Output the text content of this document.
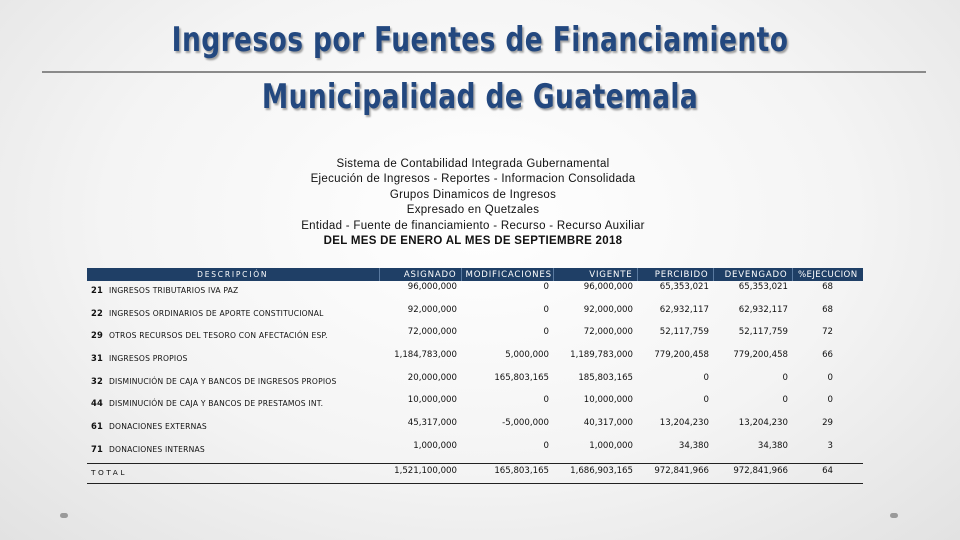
Ingresos por Fuentes de Financiamiento
Municipalidad de Guatemala
Sistema de Contabilidad Integrada Gubernamental
Ejecución de Ingresos - Reportes - Informacion Consolidada
Grupos Dinamicos de Ingresos
Expresado en Quetzales
Entidad - Fuente de financiamiento - Recurso - Recurso Auxiliar
DEL MES DE ENERO AL MES DE SEPTIEMBRE 2018
DESCRIPCIÓN	ASIGNADO	MODIFICACIONES	VIGENTE	PERCIBIDO	DEVENGADO	%EJECUCION
21 INGRESOS TRIBUTARIOS IVA PAZ	96,000,000	0	96,000,000	65,353,021	65,353,021	68
22 INGRESOS ORDINARIOS DE APORTE CONSTITUCIONAL	92,000,000	0	92,000,000	62,932,117	62,932,117	68
29 OTROS RECURSOS DEL TESORO CON AFECTACIÓN ESP.	72,000,000	0	72,000,000	52,117,759	52,117,759	72
31 INGRESOS PROPIOS	1,184,783,000	5,000,000	1,189,783,000	779,200,458	779,200,458	66
32 DISMINUCIÓN DE CAJA Y BANCOS DE INGRESOS PROPIOS	20,000,000	165,803,165	185,803,165	0	0	0
44 DISMINUCIÓN DE CAJA Y BANCOS DE PRESTAMOS INT.	10,000,000	0	10,000,000	0	0	0
61 DONACIONES EXTERNAS	45,317,000	-5,000,000	40,317,000	13,204,230	13,204,230	29
71 DONACIONES INTERNAS	1,000,000	0	1,000,000	34,380	34,380	3
TOTAL	1,521,100,000	165,803,165	1,686,903,165	972,841,966	972,841,966	64
